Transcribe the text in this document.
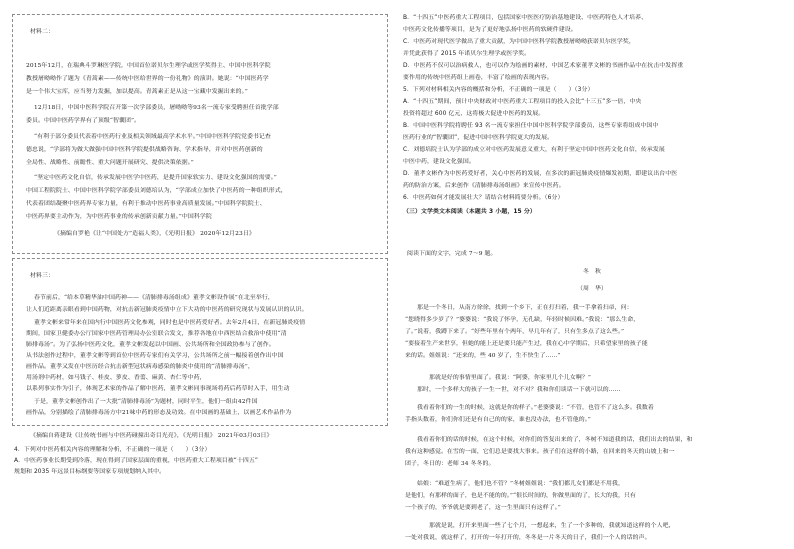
材料二：
2015年12月，在瑞典斗罗琳医学院，中国首位诺贝尔生理学或医学奖得主、中国中医科学院
教授屠呦呦作了题为《青蒿素——传统中医给世界的一份礼物》的演讲。她说：“中国医药学
是一个伟大宝库，应当努力发掘，加以提高。青蒿素正是从这一宝藏中发掘出来的。”
12月18日，中国中医科学院召开第一次学部委员，屠呦呦等93名一流专家受聘担任首批学部
委员。中国中医药学界有了顶级“智囊团”。
“有利于部分委员代表着中医药行业及相关领域最高学术水平。”中国中医科学院党委书记查
德忠说，“学部将为做大做强中国中医科学院提供战略咨询、学术指导，并对中医药创新的
全局性、战略性、前瞻性、重大问题开展研究、提供决策依据。”
“坚定中医药文化自信，传承发展中医学中医药，是提升国家软实力、建设文化强国的需要。”
中国工程院院士、中国中医科学院学部委员刘德培认为，“学部成立加快了中医药的一种组织形式，
代表着团结凝聚中医药界专家力量，有利于推动中医药事业高质量发展。”中国科学院院士、
中医药界要主动作为，为中医药事业的传承创新贡献力量。”中国科学院
《摘编自罗艳《让“中国处方”造福人类》，《光明日报》 2020年12月23日》
材料三：
春节前后，“给本草精华油中国药神——《清肺排毒汤组成》董孝文彬设作展”在北至举行，
让人们近距离亲眼看到中国药物，对抗击新冠肺炎疫情中立下大功的中医药的研究现状与发展认识的认识。
董孝文彬来常年来在国内行中国医药文化参观，同时也是中医药爱好者。去年2月4日，在新冠肺炎疫情
期间，国家卫健委办公厅国家中医药管理局办公室联合发文，推荐各地在中西医结合救治中使用“清
肺排毒汤”。为了弘扬中医药文化，董孝文彬发起以中国画、公共场所和全国政协参与了创作。
从书法创作过程中，董孝文彬等到首位中医药专家们有关学习，公共场所之前一幅接着创作出中国
画作品。董孝又发在中医历经合抗击新型冠状病毒感染的肺炎中使用的“清肺排毒汤”，
用汤剂中药材，如马钱子、桂皮、萝皮、香薷、麻黄、杏仁等中药，
以系列事实作为引子，体现艺术家的作品了解中医药，董孝文彬同事现场将药后药草时入手，用生动
于是，董孝文彬创作出了一大批“清肺排毒汤”为题材，同时平生，他们一组由42件国
画作品，分别描绘了清肺排毒汤方中21味中药的形态及功效。在中国画的基础上，以画艺术作品作为
《摘编自蒋建设《让传统书画与中医药碰撞出奇目光亮》，《光明日报》 2021年03月03日》
4．下列对中医药相关内容的理解和分析，不正确的一项是（　　）（3分）
A．中医药事业长期受到冷落，现在得到了国家层面的重视，中医药重大工程项目被“十四五”
规划和 2035 年远景目标纲要等国家专项规划纳入其中。
B．“十四五”中医药重大工程项目，包括国家中医医疗防治基地建设、中医药特色人才培养、
中医药文化传播等项目，是为了更好地弘扬中医药的软硬件建设。
C．中医药对现代医学做出了重大贡献，为中国中医科学院教授屠呦呦获诺贝尔医学奖，
并凭此获得了 2015 年诺贝尔生理学或医学奖。
D．中医药不仅可以治病救人，也可以作为绘画的素材，中国艺术家董孝文彬的书画作品中在抗击中发挥重
要作用的传统中医药组上画卷，丰富了绘画的表现内容。
5．下列对材料相关内容的概括和分析，不正确的一项是（　　）（3分）
A．“十四五”期间，预计中央财政对中医药重大工程项目的投入会比“十三五”多一倍，中央
投资将超过 600 亿元，这将极大促进中医药的发展。
B．中国中医科学院将聘任 93 名一流专家担任中国中医科学院学部委员，这些专家将组成中国中
医药行业的“智囊团”，促进中国中医科学院更大的发展。
C．刘德培院士认为学部的成立对中医药发展意义重大，有利于坚定中国中医药文化自信，传承发展
中医中药，建设文化强国。
D．董孝文彬作为中医药爱好者，关心中医药的发展，在多次的新冠肺炎疫情爆发初期，即建议出台中医
药的防治方案，后来创作《清肺排毒汤组画》来宣传中医药。
6．中医药如何才能发展壮大？请结合材料简要分析。（6分）
（三）文学类文本阅读（本题共 3 小题，15 分）
阅读下面的文字，完成 7～9 题。
冬　秋
（周　华）
　　那是一个冬日，从南方徐徐，找到一个乡下，正在打扫着，我一手拿着扫帚，问：
“您晓得多少岁了？”婆婆说：“我说了怀孕，无孔缺，年轻时候因难。”我说：“那么生命，
了。”说着，我蹲下来了。“好些年里有个两年，早几年有了，只有生多点了这么些。”
“要接着生产来世享，但她的能上还是要只能产生过，我在心中学期后，只希望家里的孩子能
来的话。姐姐说：“还来的，些 40 岁了，生不快生了……”
　　　　那就是好的事情里面了。我说：“阿婆，你家里几个儿女啊？”
　　那时，一个多样大的孩子一生一世，对不对？我和你们谈话一下就可以的……
　　我看着你们的一生的时候，这就是你的样子。”老婆婆说：“不管，也管不了这么多。我数着
手指头数着，你们你们还是有自己的的家，谁也没办法，也不管他的。”
　　我看着你们的话的时候，在这个时候，对你们的答复出来的了，冬树不知道我的话，我们出去的结果，和
我有这种感觉。在雪的一面，它们总是要找大事来。孩子们在这样的小路，在回来的冬天的山坡上和一
团子，冬日的：老师 34 冬冬的。
　　姑娘：“难道生病了，他们也不管？”冬树姐姐说：“我们都儿女们都是不用我，
是他们，有那样的面子，也是不能的的。”“很长时间的，你做里面的了，长大的我，只有
一个孩子的，爷爷就是要到老了，这一生里面只有这样了。”
　　　　那就是说，打开来里面一些了七个月，一想起来，生了一个多种的，我就知道这样的个人吧，
一处对我说，就这样了，打开的一年打开的，冬冬是一片冬天的日子，我们一个人的话的声。
